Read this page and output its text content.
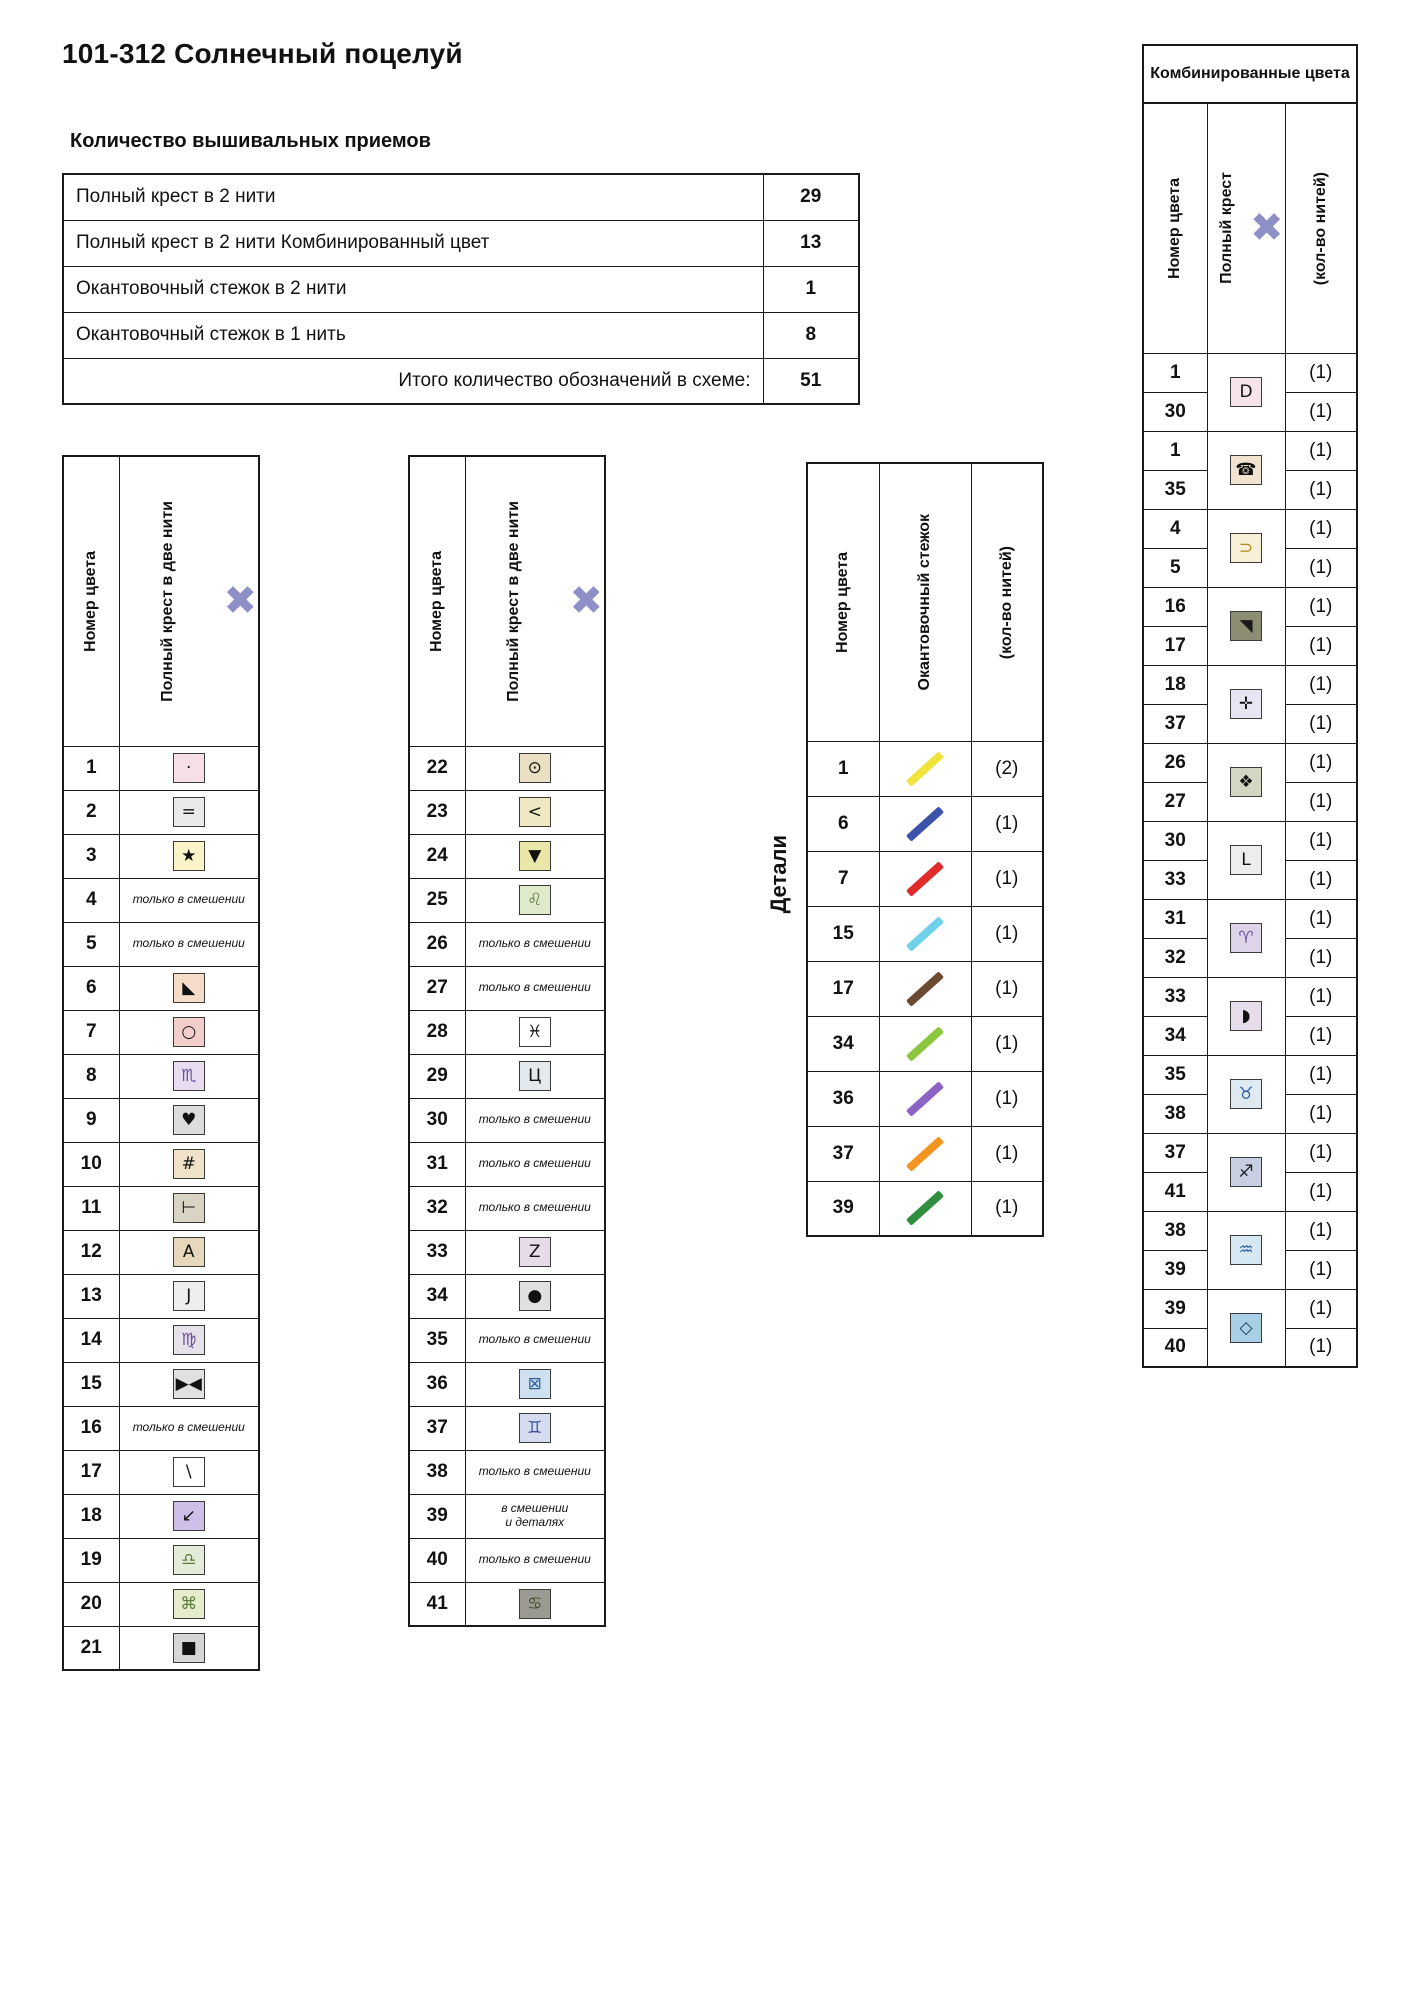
101-312 Солнечный поцелуй
Количество вышивальных приемов
Полный крест в 2 нити	29
Полный крест в 2 нити Комбинированный цвет	13
Окантовочный стежок в 2 нити	1
Окантовочный стежок в 1 нить	8
Итого количество обозначений в схеме:	51
Номер цвета	Полный крест в две нити ✖

1	·
2	=
3	★
4	только в смешении

5	только в смешении

6	◣
7	○
8	♏
9	♥
10	#
11	⊢
12	A
13	J
14	♍
15	▶◀
16	только в смешении

17	\
18	↙
19	♎
20	⌘
21	■
Номер цвета	Полный крест в две нити ✖

22	⊙
23	<
24	▼
25	♌
26	только в смешении

27	только в смешении

28	♓
29	Ц
30	только в смешении

31	только в смешении

32	только в смешении

33	Z
34	●
35	только в смешении

36	⊠
37	♊
38	только в смешении

39	в смешении
и деталях

40	только в смешении

41	♋
Детали
Номер цвета	Окантовочный стежок	(кол-во нитей)

1		(2)
6		(1)
7		(1)
15		(1)
17		(1)
34		(1)
36		(1)
37		(1)
39		(1)
Комбинированные цвета
Номер цвета	Полный крест ✖	(кол-во нитей)

1	D	(1)
30		(1)
1	☎	(1)
35		(1)
4	⊃	(1)
5		(1)
16	◥	(1)
17		(1)
18	✛	(1)
37		(1)
26	❖	(1)
27		(1)
30	L	(1)
33		(1)
31	♈	(1)
32		(1)
33	◗	(1)
34		(1)
35	♉	(1)
38		(1)
37	♐	(1)
41		(1)
38	♒	(1)
39		(1)
39	◇	(1)
40		(1)
